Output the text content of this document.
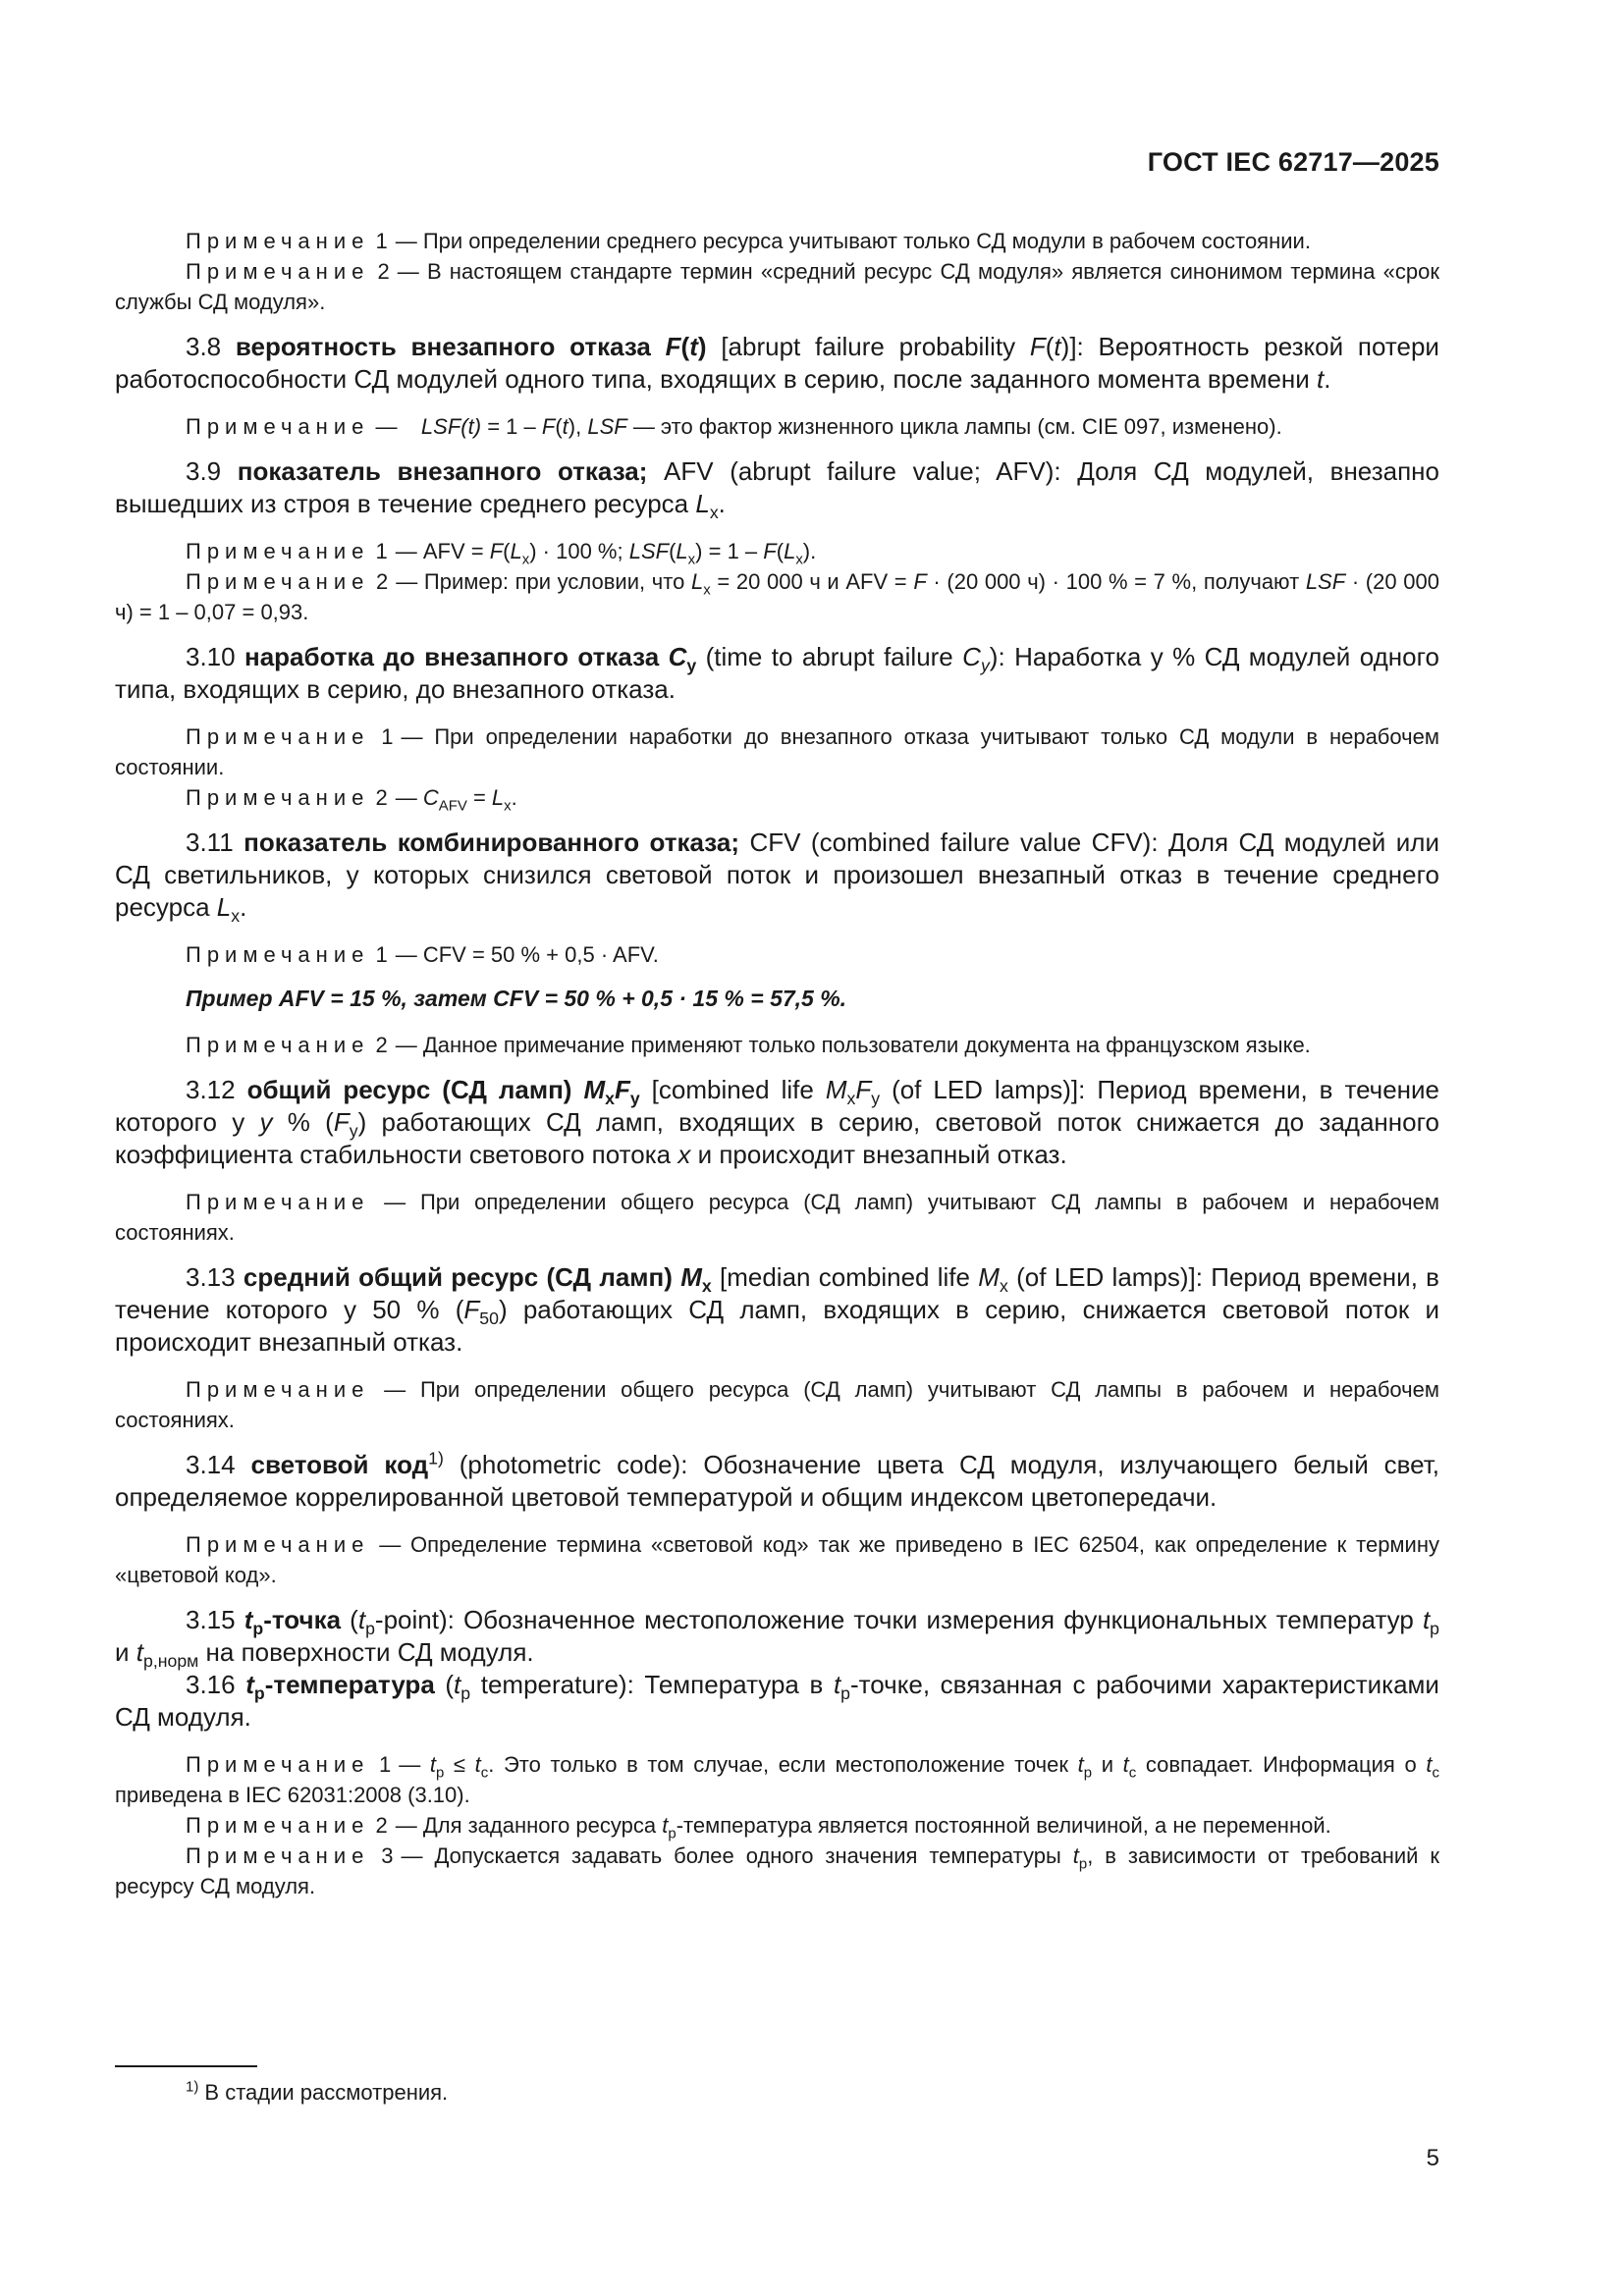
ГОСТ IEC 62717—2025

Примечание 1 — При определении среднего ресурса учитывают только СД модули в рабочем состоянии.

Примечание 2 — В настоящем стандарте термин «средний ресурс СД модуля» является синонимом термина «срок службы СД модуля».

3.8 вероятность внезапного отказа F(t) [abrupt failure probability F(t)]: Вероятность резкой потери работоспособности СД модулей одного типа, входящих в серию, после заданного момента времени t.

Примечание — LSF(t) = 1 – F(t), LSF — это фактор жизненного цикла лампы (см. CIE 097, изменено).

3.9 показатель внезапного отказа; AFV (abrupt failure value; AFV): Доля СД модулей, внезапно вышедших из строя в течение среднего ресурса $L_x$.

Примечание 1 — AFV = $F(L_x) \cdot 100$ %; $LSF(L_x) = 1 - F(L_x)$.

Примечание 2 — Пример: при условии, что $L_x = 20$ 000 ч и AFV = F · (20 000 ч) · 100 % = 7 %, получают LSF · (20 000 ч) = 1 – 0,07 = 0,93.

3.10 наработка до внезапного отказа $C_y$ (time to abrupt failure $C_y$): Наработка у % СД модулей одного типа, входящих в серию, до внезапного отказа.

Примечание 1 — При определении наработки до внезапного отказа учитывают только СД модули в нерабочем состоянии.

Примечание 2 — $C_{AFV} = L_x$.

3.11 показатель комбинированного отказа; CFV (combined failure value CFV): Доля СД модулей или СД светильников, у которых снизился световой поток и произошел внезапный отказ в течение среднего ресурса $L_x$.

Примечание 1 — CFV = 50 % + 0,5 · AFV.

Пример AFV = 15 %, затем CFV = 50 % + 0,5 · 15 % = 57,5 %.

Примечание 2 — Данное примечание применяют только пользователи документа на французском языке.

3.12 общий ресурс (СД ламп) $M_xF_y$ [combined life $M_xF_y$ (of LED lamps)]: Период времени, в течение которого у y % $(F_y)$ работающих СД ламп, входящих в серию, световой поток снижается до заданного коэффициента стабильности светового потока x и происходит внезапный отказ.

Примечание — При определении общего ресурса (СД ламп) учитывают СД лампы в рабочем и нерабочем состояниях.

3.13 средний общий ресурс (СД ламп) $M_x$ [median combined life $M_x$ (of LED lamps)]: Период времени, в течение которого у 50 % $(F_{50})$ работающих СД ламп, входящих в серию, снижается световой поток и происходит внезапный отказ.

Примечание — При определении общего ресурса (СД ламп) учитывают СД лампы в рабочем и нерабочем состояниях.

3.14 световой код$^{1)}$ (photometric code): Обозначение цвета СД модуля, излучающего белый свет, определяемое коррелированной цветовой температурой и общим индексом цветопередачи.

Примечание — Определение термина «световой код» так же приведено в IEC 62504, как определение к термину «цветовой код».

3.15 $t_p$-точка $(t_p-point)$: Обозначенное местоположение точки измерения функциональных температур $t_p$ и $t_{p,норм}$ на поверхности СД модуля.

3.16 $t_p$-температура ($t_p$ temperature): Температура в $t_p$-точке, связанная с рабочими характеристиками СД модуля.

Примечание 1 — $t_p \le t_c$. Это только в том случае, если местоположение точек $t_p$ и $t_c$ совпадает. Информация о $t_c$ приведена в IEC 62031:2008 (3.10).

Примечание 2 — Для заданного ресурса $t_p$-температура является постоянной величиной, а не переменной.

Примечание 3 — Допускается задавать более одного значения температуры $t_p$, в зависимости от требований к ресурсу СД модуля.

$^{1)}$ В стадии рассмотрения.
5
